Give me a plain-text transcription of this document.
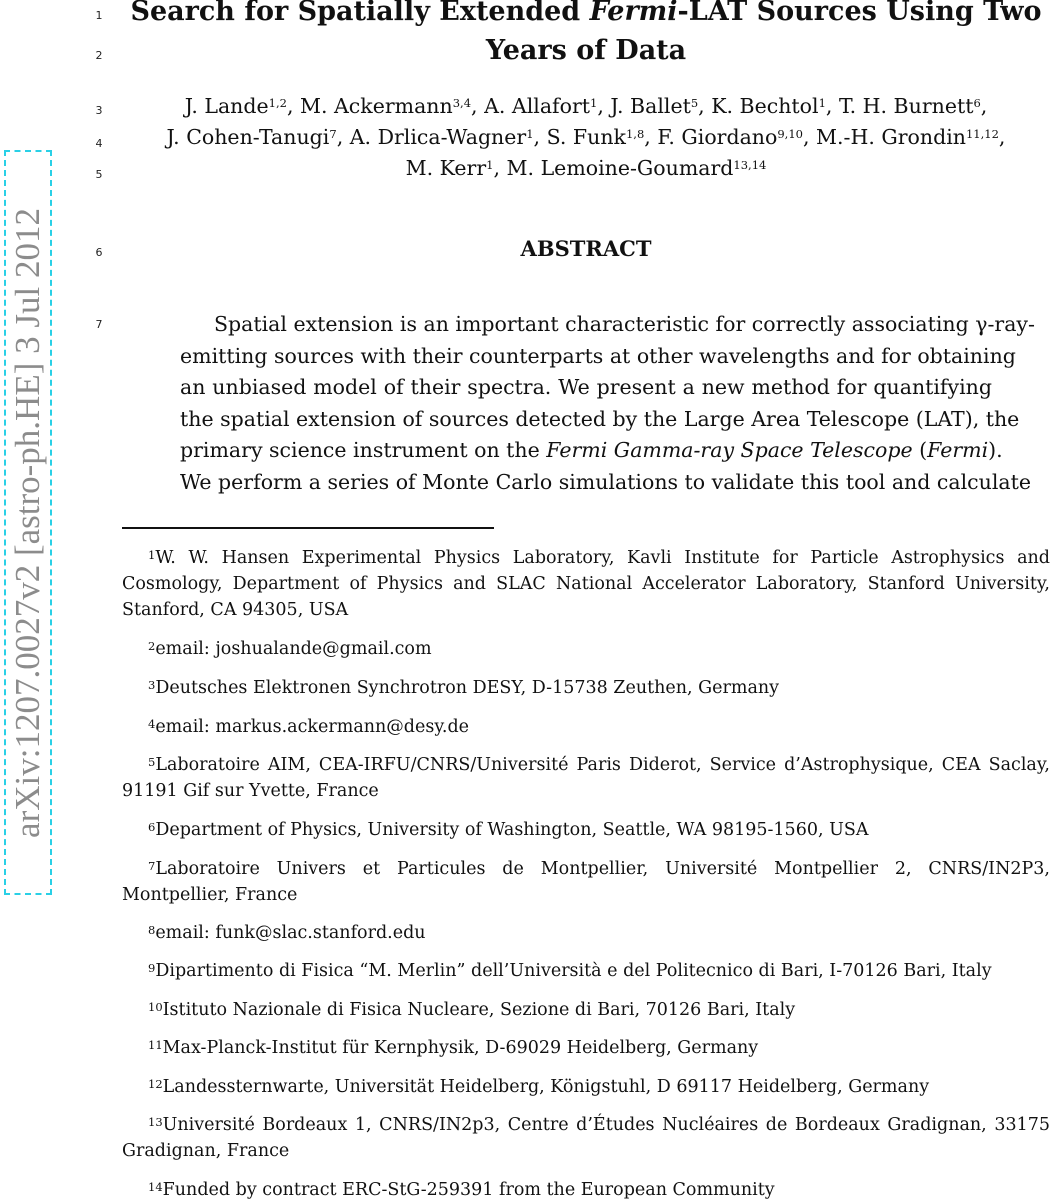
arXiv:1207.0027v2 [astro-ph.HE] 3 Jul 2012
1
2
3
4
5
6
7
Search for Spatially Extended Fermi-LAT Sources Using Two
Years of Data
J. Lande$^{1,2}$, M. Ackermann$^{3,4}$, A. Allafort$^1$, J. Ballet$^5$, K. Bechtol$^1$, T. H. Burnett$^6$,
J. Cohen-Tanugi$^7$, A. Drlica-Wagner$^1$, S. Funk$^{1,8}$, F. Giordano$^{9,10}$, M.-H. Grondin$^{11,12}$,
M. Kerr$^1$, M. Lemoine-Goumard$^{13,14}$
ABSTRACT
Spatial extension is an important characteristic for correctly associating γ-ray-
emitting sources with their counterparts at other wavelengths and for obtaining
an unbiased model of their spectra. We present a new method for quantifying
the spatial extension of sources detected by the Large Area Telescope (LAT), the
primary science instrument on the Fermi Gamma-ray Space Telescope (Fermi).
We perform a series of Monte Carlo simulations to validate this tool and calculate
$^1$W. W. Hansen Experimental Physics Laboratory, Kavli Institute for Particle Astrophysics and Cosmology, Department of Physics and SLAC National Accelerator Laboratory, Stanford University, Stanford, CA 94305, USA
$^2$email: joshualande@gmail.com
$^3$Deutsches Elektronen Synchrotron DESY, D-15738 Zeuthen, Germany
$^4$email: markus.ackermann@desy.de
$^5$Laboratoire AIM, CEA-IRFU/CNRS/Université Paris Diderot, Service d’Astrophysique, CEA Saclay, 91191 Gif sur Yvette, France
$^6$Department of Physics, University of Washington, Seattle, WA 98195-1560, USA
$^7$Laboratoire Univers et Particules de Montpellier, Université Montpellier 2, CNRS/IN2P3, Montpellier, France
$^8$email: funk@slac.stanford.edu
$^9$Dipartimento di Fisica “M. Merlin” dell’Università e del Politecnico di Bari, I-70126 Bari, Italy
$^{10}$Istituto Nazionale di Fisica Nucleare, Sezione di Bari, 70126 Bari, Italy
$^{11}$Max-Planck-Institut für Kernphysik, D-69029 Heidelberg, Germany
$^{12}$Landessternwarte, Universität Heidelberg, Königstuhl, D 69117 Heidelberg, Germany
$^{13}$Université Bordeaux 1, CNRS/IN2p3, Centre d’Études Nucléaires de Bordeaux Gradignan, 33175 Gradignan, France
$^{14}$Funded by contract ERC-StG-259391 from the European Community
